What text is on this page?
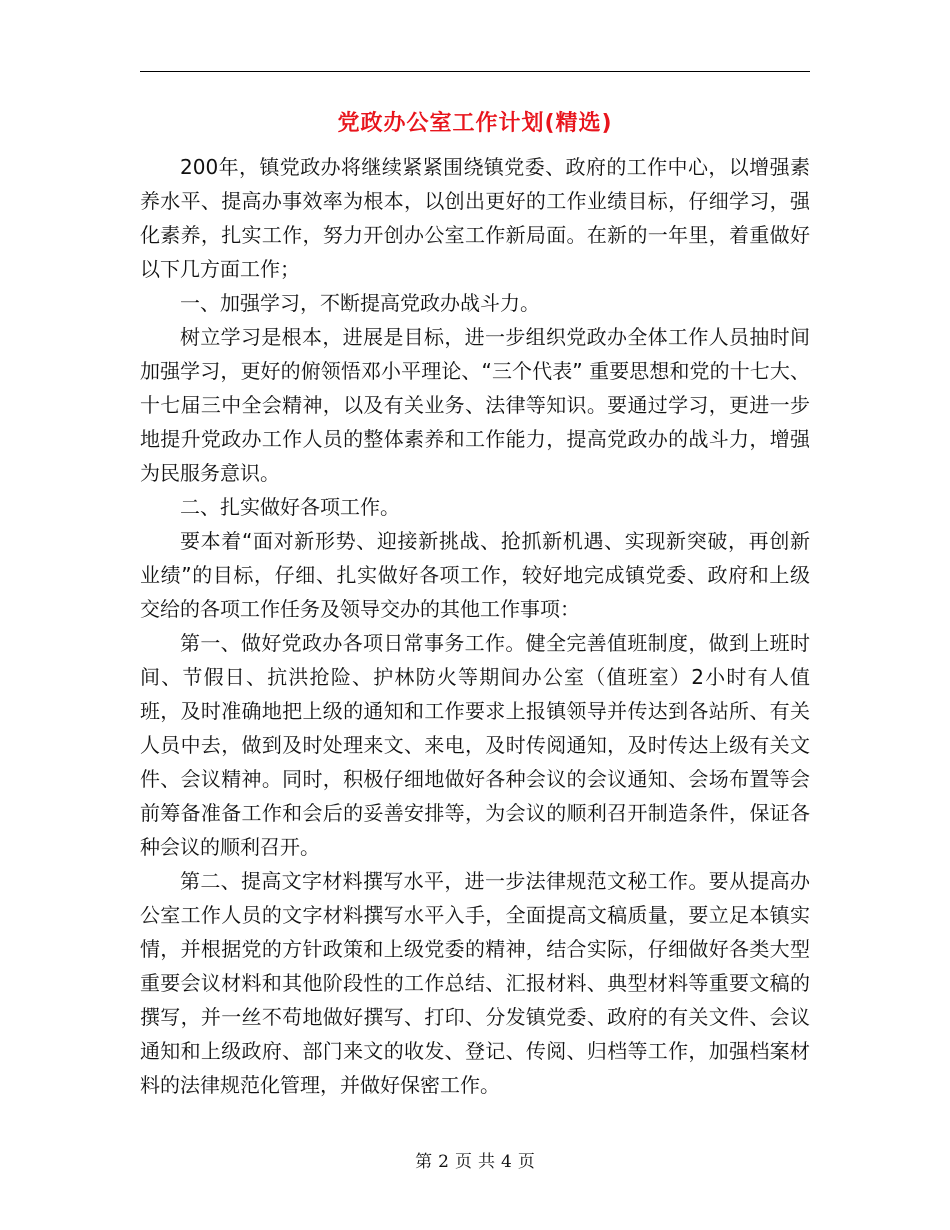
党政办公室工作计划(精选)

200年，镇党政办将继续紧紧围绕镇党委、政府的工作中心，以增强素养水平、提高办事效率为根本，以创出更好的工作业绩目标，仔细学习，强化素养，扎实工作，努力开创办公室工作新局面。在新的一年里，着重做好以下几方面工作；

一、加强学习，不断提高党政办战斗力。

树立学习是根本，进展是目标，进一步组织党政办全体工作人员抽时间加强学习，更好的俯领悟邓小平理论、“三个代表” 重要思想和党的十七大、十七届三中全会精神，以及有关业务、法律等知识。要通过学习，更进一步地提升党政办工作人员的整体素养和工作能力，提高党政办的战斗力，增强为民服务意识。

二、扎实做好各项工作。

要本着“面对新形势、迎接新挑战、抢抓新机遇、实现新突破，再创新业绩”的目标，仔细、扎实做好各项工作，较好地完成镇党委、政府和上级交给的各项工作任务及领导交办的其他工作事项：

第一、做好党政办各项日常事务工作。健全完善值班制度，做到上班时间、节假日、抗洪抢险、护林防火等期间办公室（值班室）2小时有人值班，及时准确地把上级的通知和工作要求上报镇领导并传达到各站所、有关人员中去，做到及时处理来文、来电，及时传阅通知，及时传达上级有关文件、会议精神。同时，积极仔细地做好各种会议的会议通知、会场布置等会前筹备准备工作和会后的妥善安排等，为会议的顺利召开制造条件，保证各种会议的顺利召开。

第二、提高文字材料撰写水平，进一步法律规范文秘工作。要从提高办公室工作人员的文字材料撰写水平入手，全面提高文稿质量，要立足本镇实情，并根据党的方针政策和上级党委的精神，结合实际，仔细做好各类大型重要会议材料和其他阶段性的工作总结、汇报材料、典型材料等重要文稿的撰写，并一丝不苟地做好撰写、打印、分发镇党委、政府的有关文件、会议通知和上级政府、部门来文的收发、登记、传阅、归档等工作，加强档案材料的法律规范化管理，并做好保密工作。

第 2 页 共 4 页
